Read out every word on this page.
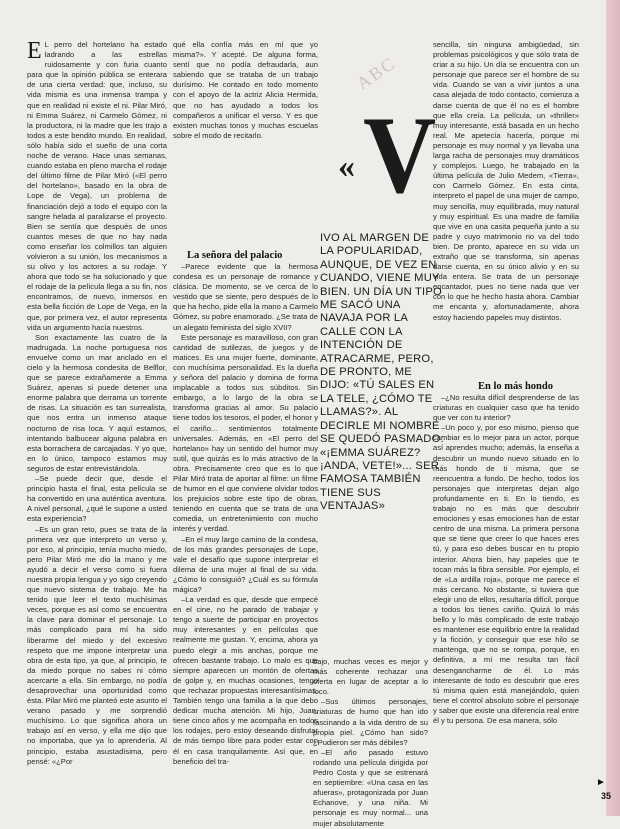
ABC

E L perro del hortelano ha estado ladrando a las estrellas ruidosamente y con furia cuanto para que la opinión pública se enterara de una cierta verdad: que, incluso, su vida misma es una inmensa trampa y que en realidad ni existe el ni. Pilar Miró, ni Emma Suárez, ni Carmelo Gómez, ni la productora, ni la madre que les trajo a todos a este bendito mundo. En realidad, sólo había sido el sueño de una corta noche de verano. Hace unas semanas, cuando estaba en pleno marcha el rodaje del último filme de Pilar Miró («El perro del hortelano», basado en la obra de Lope de Vega), un problema de financiación dejó a todo el equipo con la sangre helada al paralizarse el proyecto. Bien se sentía que después de unos cuantos meses de que no hay nada como enseñar los colmillos tan alguien volvieron a su unión, los mecanismos a su olivo y los actores a su rodaje. Y ahora que todo se ha solucionado y que el rodaje de la película llega a su fin, nos encontramos, de nuevo, inmersos en esta bella ficción de Lope de Vega, en la que, por primera vez, el autor representa vida un argumento hacía nuestros.

Son exactamente las cuatro de la madrugada. La noche portuguesa nos envuelve como un mar anclado en el cielo y la hermosa condesita de Belflor, que se parece extrañamente a Emma Suárez, apenas si puede detener una enorme palabra que derrama un torrente de risas. La situación es tan surrealista, que nos entra un inmenso ataque nocturno de risa loca. Y aquí estamos, intentando balbucear alguna palabra en esta borrachera de carcajadas. Y yo que, en lo único, tampoco estamos muy seguros de estar entrevistándola.

–Se puede decir que, desde el principio hasta el final, esta película se ha convertido en una auténtica aventura. A nivel personal, ¿qué le supone a usted esta experiencia?

–Es un gran reto, pues se trata de la primera vez que interpreto un verso y, por eso, al principio, tenía mucho miedo, pero Pilar Miró me dio la mano y me ayudó a decir el verso como si fuera nuestra propia lengua y yo sigo creyendo que nuevo sistema de trabajo. Me ha tenido que leer el texto muchísimas veces, porque es así como se encuentra la clave para dominar el personaje. Lo más complicado para mí ha sido liberarme del miedo y del excesivo respeto que me impone interpretar una obra de esta tipo, ya que, al principio, te da miedo porque no sabes ni cómo acercarte a ella. Sin embargo, no podía desaprovechar una oportunidad como ésta. Pilar Miró me planteó este asunto el verano pasado y me sorprendió muchísimo. Lo que significa ahora un trabajo así en verso, y ella me dijo que no importaba, que ya lo aprendería. Al principio, estaba asustadísima, pero pensé: «¿Por

qué ella confía más en mí que yo misma?». Y acepté. De alguna forma, sentí que no podía defraudarla, aun sabiendo que se trataba de un trabajo durísimo. He contado en todo momento con el apoyo de la actriz Alicia Hermida, que no has ayudado a todos los compañeros a unificar el verso. Y es que existen muchas tonos y muchas escuelas sobre el modo de recitarlo.

La señora del palacio

–Parece evidente que la hermosa condesa es un personaje de romance y clásica. De momento, se ve cerca de lo vestido que se siente, pero después de lo que ha hecho, pide ella la mano a Carmelo Gómez, su pobre enamorado. ¿Se trata de un alegato feminista del siglo XVII?

Este personaje es maravilloso, con gran cantidad de sutilezas, de juegos y de matices. Es una mujer fuerte, dominante, con muchísima personalidad. Es la dueña y señora del palacio y domina de forma implacable a todos sus súbditos. Sin embargo, a lo largo de la obra se transforma gracias al amor. Su palacio tiene todos los tesoros, el poder, el honor y el cariño... sentimientos totalmente universales. Además, en «El perro del hortelano» hay un sentido del humor muy sutil, que quizás es lo más atractivo de la obra. Precisamente creo que es lo que Pilar Miró trata de aportar al filme: un filme de humor en el que conviene olvidar todos los prejuicios sobre este tipo de obras, teniendo en cuenta que se trata de una comedia, un entretenimiento con mucho interés y verdad.

–En el muy largo camino de la condesa, de los más grandes personajes de Lope, vale el desafío que supone interpretar el dilema de una mujer al final de su vida. ¿Cómo lo consiguió? ¿Cuál es su fórmula mágica?

–La verdad es que, desde que empecé en el cine, no he parado de trabajar y tengo a suerte de participar en proyectos muy interesantes y en películas que realmente me gustan. Y, encima, ahora ya puedo elegir a mis anchas, porque me ofrecen bastante trabajo. Lo malo es que siempre aparecen un montón de ofertas de golpe y, en muchas ocasiones, tengo que rechazar propuestas interesantísimas. También tengo una familia a la que debo dedicar mucha atención. Mi hijo, Juan, tiene cinco años y me acompaña en todos los rodajes, pero estoy deseando disfrutar de más tiempo libre para poder estar con él en casa tranquilamente. Así que, en beneficio del tra-

« V
IVO AL MARGEN DE LA POPULARIDAD, AUNQUE, DE VEZ EN CUANDO, VIENE MUY BIEN. UN DÍA UN TIPO ME SACÓ UNA NAVAJA POR LA CALLE CON LA INTENCIÓN DE ATRACARME, PERO, DE PRONTO, ME DIJO: «TÚ SALES EN LA TELE, ¿CÓMO TE LLAMAS?». AL DECIRLE MI NOMBRE SE QUEDÓ PASMADO: «¡EMMA SUÁREZ? ¡ANDA, VETE!»... SER FAMOSA TAMBIÉN TIENE SUS VENTAJAS»

bajo, muchas veces es mejor y más coherente rechazar una oferta en lugar de aceptar a lo loco.

–Sus últimos personajes, criaturas de humo que han ido fascinando a la vida dentro de su propia piel. ¿Cómo han sido? ¿Pudieron ser más débiles?

–El año pasado estuvo rodando una película dirigida por Pedro Costa y que se estrenará en septiembre: «Una casa en las afueras», protagonizada por Juan Echanove, y una niña. Mi personaje es muy normal... una mujer absolutamente

sencilla, sin ninguna ambigüedad, sin problemas psicológicos y que sólo trata de criar a su hijo. Un día se encuentra con un personaje que parece ser el hombre de su vida. Cuando se van a vivir juntos a una casa alejada de todo contacto, comienza a darse cuenta de que él no es el hombre que ella creía. La película, un «thriller» muy interesante, está basada en un hecho real. Me apetecía hacerla, porque mi personaje es muy normal y ya llevaba una larga racha de personajes muy dramáticos y complejos. Luego, he trabajado en la última película de Julio Medem, «Tierra», con Carmelo Gómez. En esta cinta, interpreto el papel de una mujer de campo, muy sencilla, muy equilibrada, muy natural y muy espiritual. Es una madre de familia que vive en una casita pequeña junto a su padre y cuyo matrimonio no va del todo bien. De pronto, aparece en su vida un extraño que se transforma, sin apenas darse cuenta, en su único alivio y en su vida entera. Se trata de un personaje encantador, pues no tiene nada que ver con lo que he hecho hasta ahora. Cambiar me encanta y, afortunadamente, ahora estoy haciendo papeles muy distintos.

En lo más hondo

–¿No resulta difícil desprenderse de las criaturas en cualquier caso que ha tenido que ver con tu interior?

–Un poco y, por eso mismo, pienso que cambiar es lo mejor para un actor, porque así aprendes mucho; además, la enseña a descubrir un mundo nuevo situado en lo más hondo de ti misma, que se reencuentra a fondo. De hecho, todos los personajes que interpretas dejan algo profundamente en ti. En lo tiendo, es trabajo no es más que descubrir emociones y esas emociones han de estar centro de una misma. La primera persona que se tiene que creer lo que haces eres tú, y para eso debes buscar en tu propio interior. Ahora bien, hay papeles que te tocan más la fibra sensible. Por ejemplo, el de «La ardilla roja», porque me parece el más cercano. No obstante, si tuviera que elegir uno de ellos, resultaría difícil, porque a todos los tienes cariño. Quizá lo más bello y lo más complicado de este trabajo es mantener ese equilibrio entre la realidad y la ficción, y conseguir que ese hilo se mantenga, que no se rompa, porque, en definitiva, a mí me resulta tan fácil desengancharme de él. Lo más interesante de todo es descubrir que eres tú misma quien está manejándolo, quien tiene el control absoluto sobre el personaje y saber que existe una diferencia real entre él y tu persona. De esa manera, sólo

►
35
